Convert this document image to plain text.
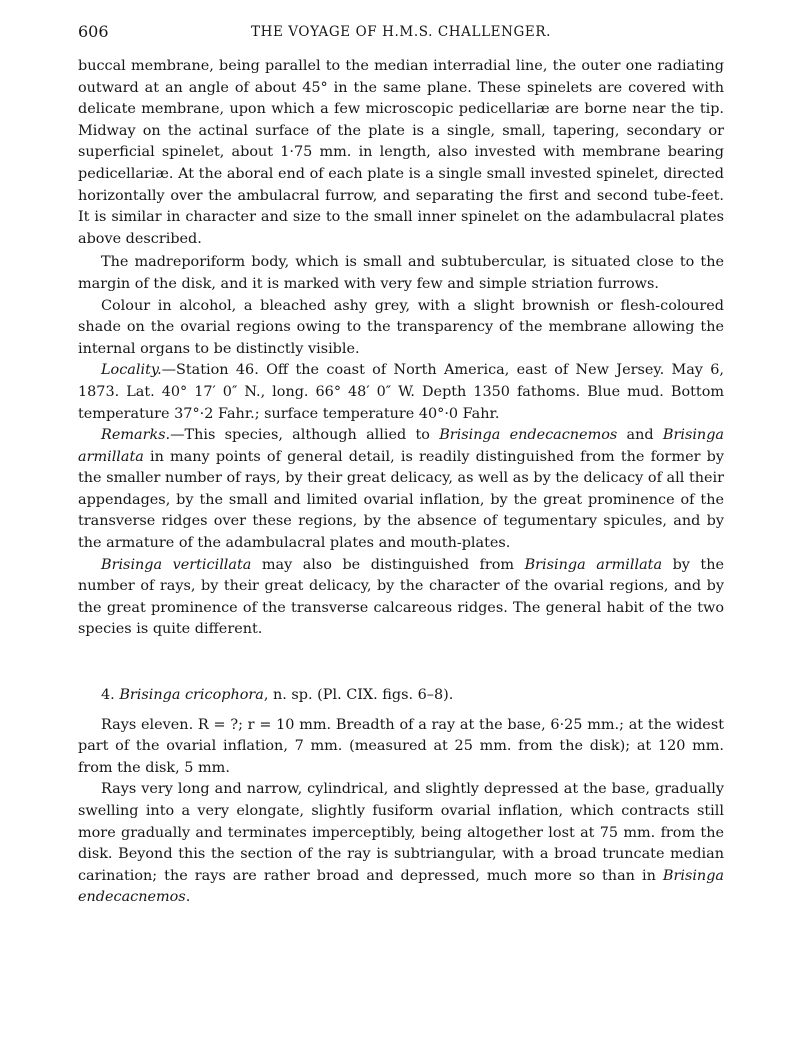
606	THE VOYAGE OF H.M.S. CHALLENGER.

buccal membrane, being parallel to the median interradial line, the outer one radiating outward at an angle of about 45° in the same plane. These spinelets are covered with delicate membrane, upon which a few microscopic pedicellariæ are borne near the tip. Midway on the actinal surface of the plate is a single, small, tapering, secondary or superficial spinelet, about 1·75 mm. in length, also invested with membrane bearing pedicellariæ. At the aboral end of each plate is a single small invested spinelet, directed horizontally over the ambulacral furrow, and separating the first and second tube-feet. It is similar in character and size to the small inner spinelet on the adambulacral plates above described.

The madreporiform body, which is small and subtubercular, is situated close to the margin of the disk, and it is marked with very few and simple striation furrows.

Colour in alcohol, a bleached ashy grey, with a slight brownish or flesh-coloured shade on the ovarial regions owing to the transparency of the membrane allowing the internal organs to be distinctly visible.

Locality.—Station 46. Off the coast of North America, east of New Jersey. May 6, 1873. Lat. 40° 17′ 0″ N., long. 66° 48′ 0″ W. Depth 1350 fathoms. Blue mud. Bottom temperature 37°·2 Fahr.; surface temperature 40°·0 Fahr.

Remarks.—This species, although allied to Brisinga endecacnemos and Brisinga armillata in many points of general detail, is readily distinguished from the former by the smaller number of rays, by their great delicacy, as well as by the delicacy of all their appendages, by the small and limited ovarial inflation, by the great prominence of the transverse ridges over these regions, by the absence of tegumentary spicules, and by the armature of the adambulacral plates and mouth-plates.

Brisinga verticillata may also be distinguished from Brisinga armillata by the number of rays, by their great delicacy, by the character of the ovarial regions, and by the great prominence of the transverse calcareous ridges. The general habit of the two species is quite different.

4. Brisinga cricophora, n. sp. (Pl. CIX. figs. 6–8).

Rays eleven. R = ?; r = 10 mm. Breadth of a ray at the base, 6·25 mm.; at the widest part of the ovarial inflation, 7 mm. (measured at 25 mm. from the disk); at 120 mm. from the disk, 5 mm.

Rays very long and narrow, cylindrical, and slightly depressed at the base, gradually swelling into a very elongate, slightly fusiform ovarial inflation, which contracts still more gradually and terminates imperceptibly, being altogether lost at 75 mm. from the disk. Beyond this the section of the ray is subtriangular, with a broad truncate median carination; the rays are rather broad and depressed, much more so than in Brisinga endecacnemos.
